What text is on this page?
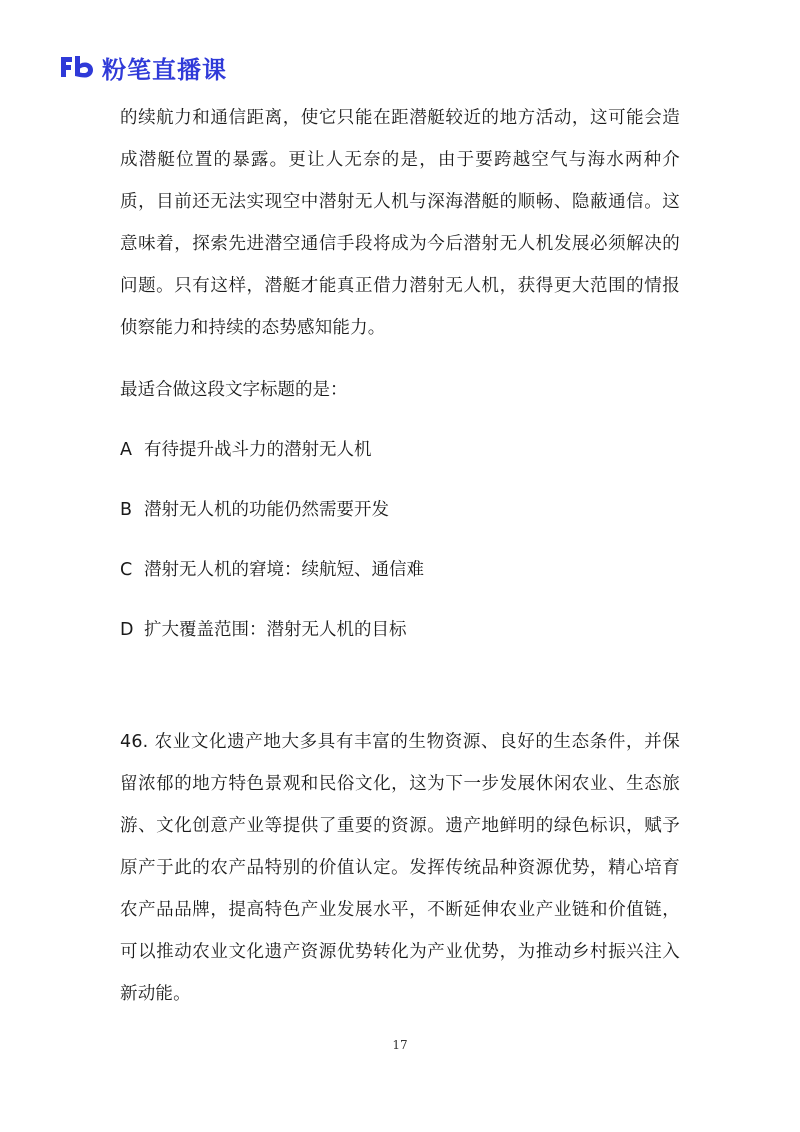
粉笔直播课

的续航力和通信距离，使它只能在距潜艇较近的地方活动，这可能会造成潜艇位置的暴露。更让人无奈的是，由于要跨越空气与海水两种介质，目前还无法实现空中潜射无人机与深海潜艇的顺畅、隐蔽通信。这意味着，探索先进潜空通信手段将成为今后潜射无人机发展必须解决的问题。只有这样，潜艇才能真正借力潜射无人机，获得更大范围的情报侦察能力和持续的态势感知能力。

最适合做这段文字标题的是：

A 有待提升战斗力的潜射无人机
B 潜射无人机的功能仍然需要开发
C 潜射无人机的窘境：续航短、通信难
D 扩大覆盖范围：潜射无人机的目标

46. 农业文化遗产地大多具有丰富的生物资源、良好的生态条件，并保留浓郁的地方特色景观和民俗文化，这为下一步发展休闲农业、生态旅游、文化创意产业等提供了重要的资源。遗产地鲜明的绿色标识，赋予原产于此的农产品特别的价值认定。发挥传统品种资源优势，精心培育农产品品牌，提高特色产业发展水平，不断延伸农业产业链和价值链，可以推动农业文化遗产资源优势转化为产业优势，为推动乡村振兴注入新动能。

17
